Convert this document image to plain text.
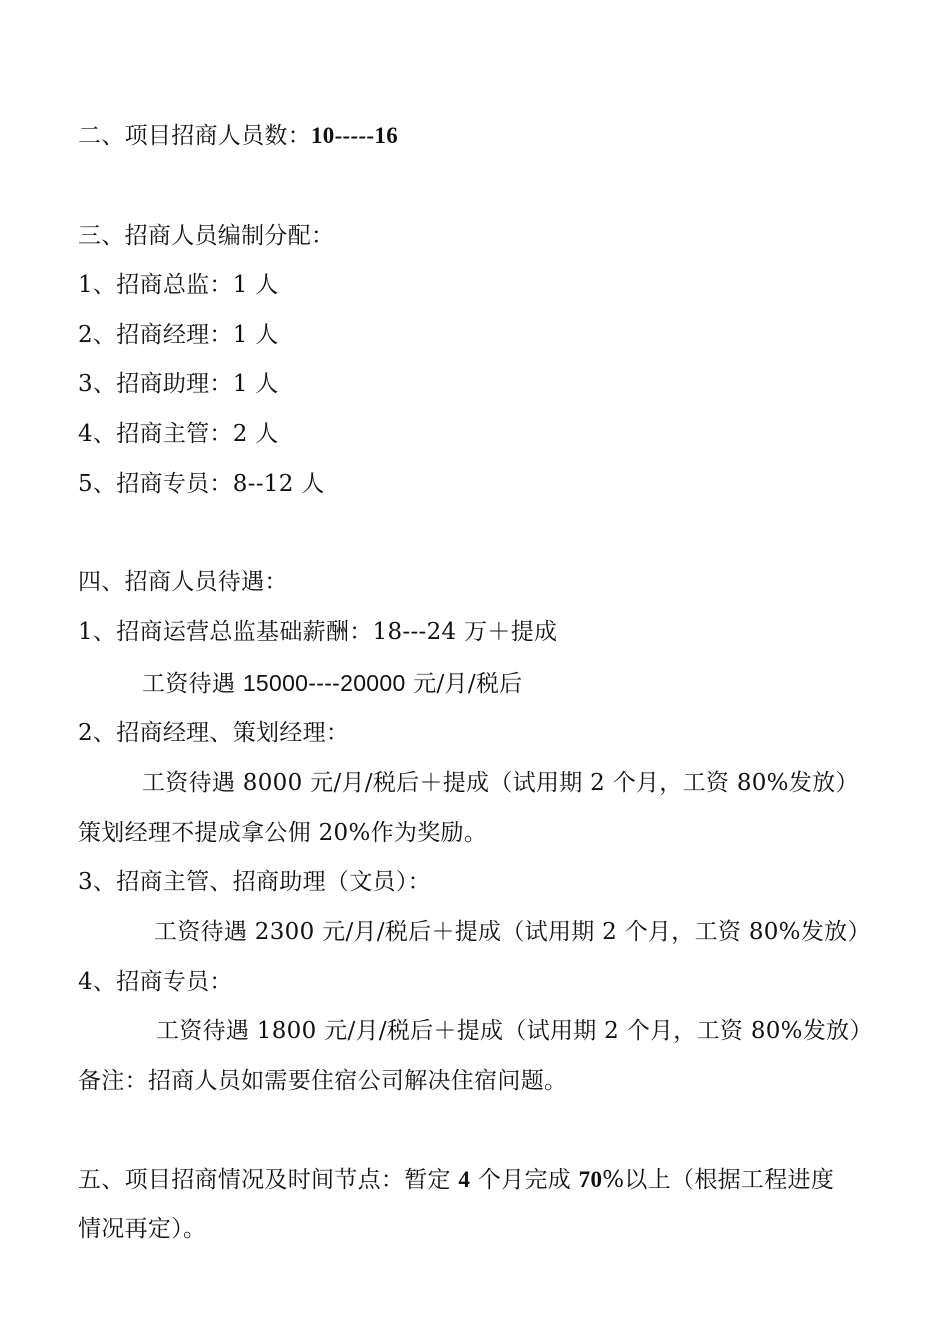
二、项目招商人员数：10-----16
三、招商人员编制分配：
1、招商总监：1 人
2、招商经理：1 人
3、招商助理：1 人
4、招商主管：2 人
5、招商专员：8--12 人
四、招商人员待遇：
1、招商运营总监基础薪酬：18---24 万＋提成
工资待遇 15000----20000 元/月/税后
2、招商经理、策划经理：
工资待遇 8000 元/月/税后＋提成（试用期 2 个月，工资 80%发放）
策划经理不提成拿公佣 20%作为奖励。
3、招商主管、招商助理（文员）：
工资待遇 2300 元/月/税后＋提成（试用期 2 个月，工资 80%发放）
4、招商专员：
工资待遇 1800 元/月/税后＋提成（试用期 2 个月，工资 80%发放）
备注：招商人员如需要住宿公司解决住宿问题。
五、项目招商情况及时间节点：暂定 4 个月完成 70%以上（根据工程进度
情况再定）。
